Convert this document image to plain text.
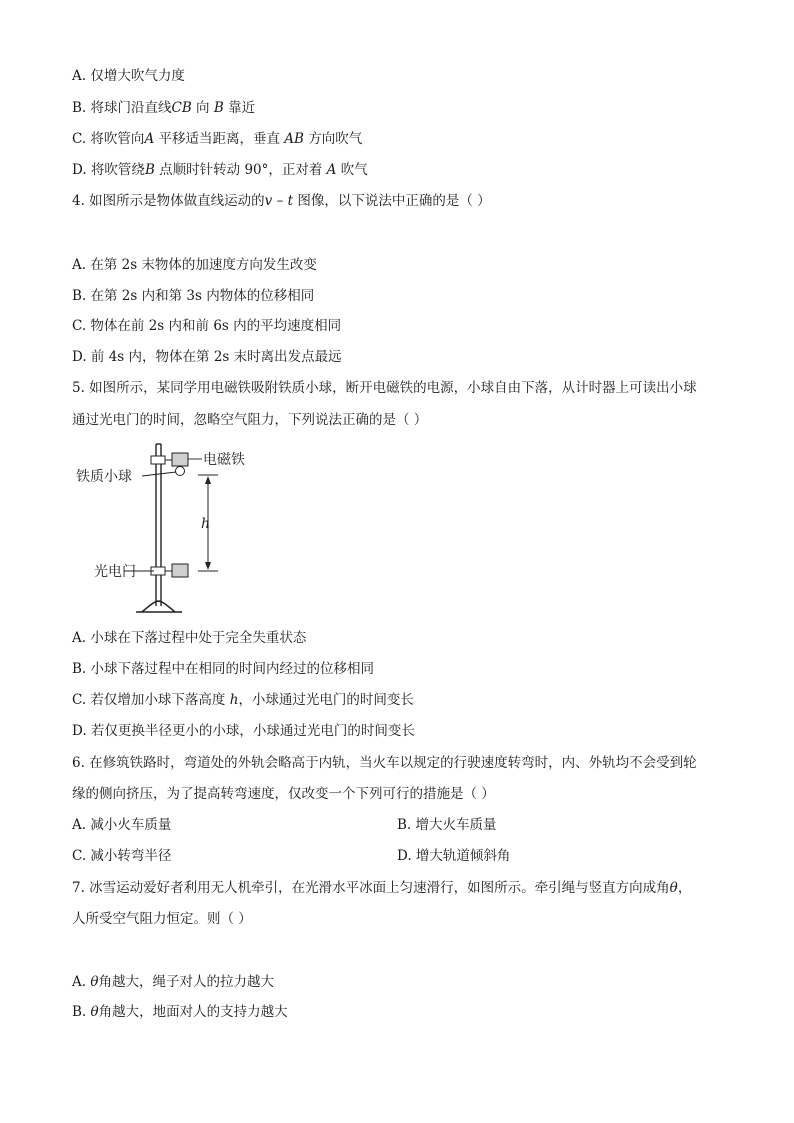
A. 仅增大吹气力度
B. 将球门沿直线CB 向 B 靠近
C. 将吹管向A 平移适当距离，垂直 AB 方向吹气
D. 将吹管绕B 点顺时针转动 90°，正对着 A 吹气
4. 如图所示是物体做直线运动的v – t 图像，以下说法中正确的是（ ）
A. 在第 2s 末物体的加速度方向发生改变
B. 在第 2s 内和第 3s 内物体的位移相同
C. 物体在前 2s 内和前 6s 内的平均速度相同
D. 前 4s 内，物体在第 2s 末时离出发点最远
5. 如图所示，某同学用电磁铁吸附铁质小球，断开电磁铁的电源，小球自由下落，从计时器上可读出小球
通过光电门的时间，忽略空气阻力，下列说法正确的是（ ）
电磁铁
铁质小球
h
光电门
A. 小球在下落过程中处于完全失重状态
B. 小球下落过程中在相同的时间内经过的位移相同
C. 若仅增加小球下落高度 h，小球通过光电门的时间变长
D. 若仅更换半径更小的小球，小球通过光电门的时间变长
6. 在修筑铁路时，弯道处的外轨会略高于内轨，当火车以规定的行驶速度转弯时，内、外轨均不会受到轮
缘的侧向挤压，为了提高转弯速度，仅改变一个下列可行的措施是（ ）
A. 减小火车质量	B. 增大火车质量
C. 减小转弯半径	D. 增大轨道倾斜角
7. 冰雪运动爱好者利用无人机牵引，在光滑水平冰面上匀速滑行，如图所示。牵引绳与竖直方向成角θ，
人所受空气阻力恒定。则（ ）
A. θ角越大，绳子对人的拉力越大
B. θ角越大，地面对人的支持力越大
